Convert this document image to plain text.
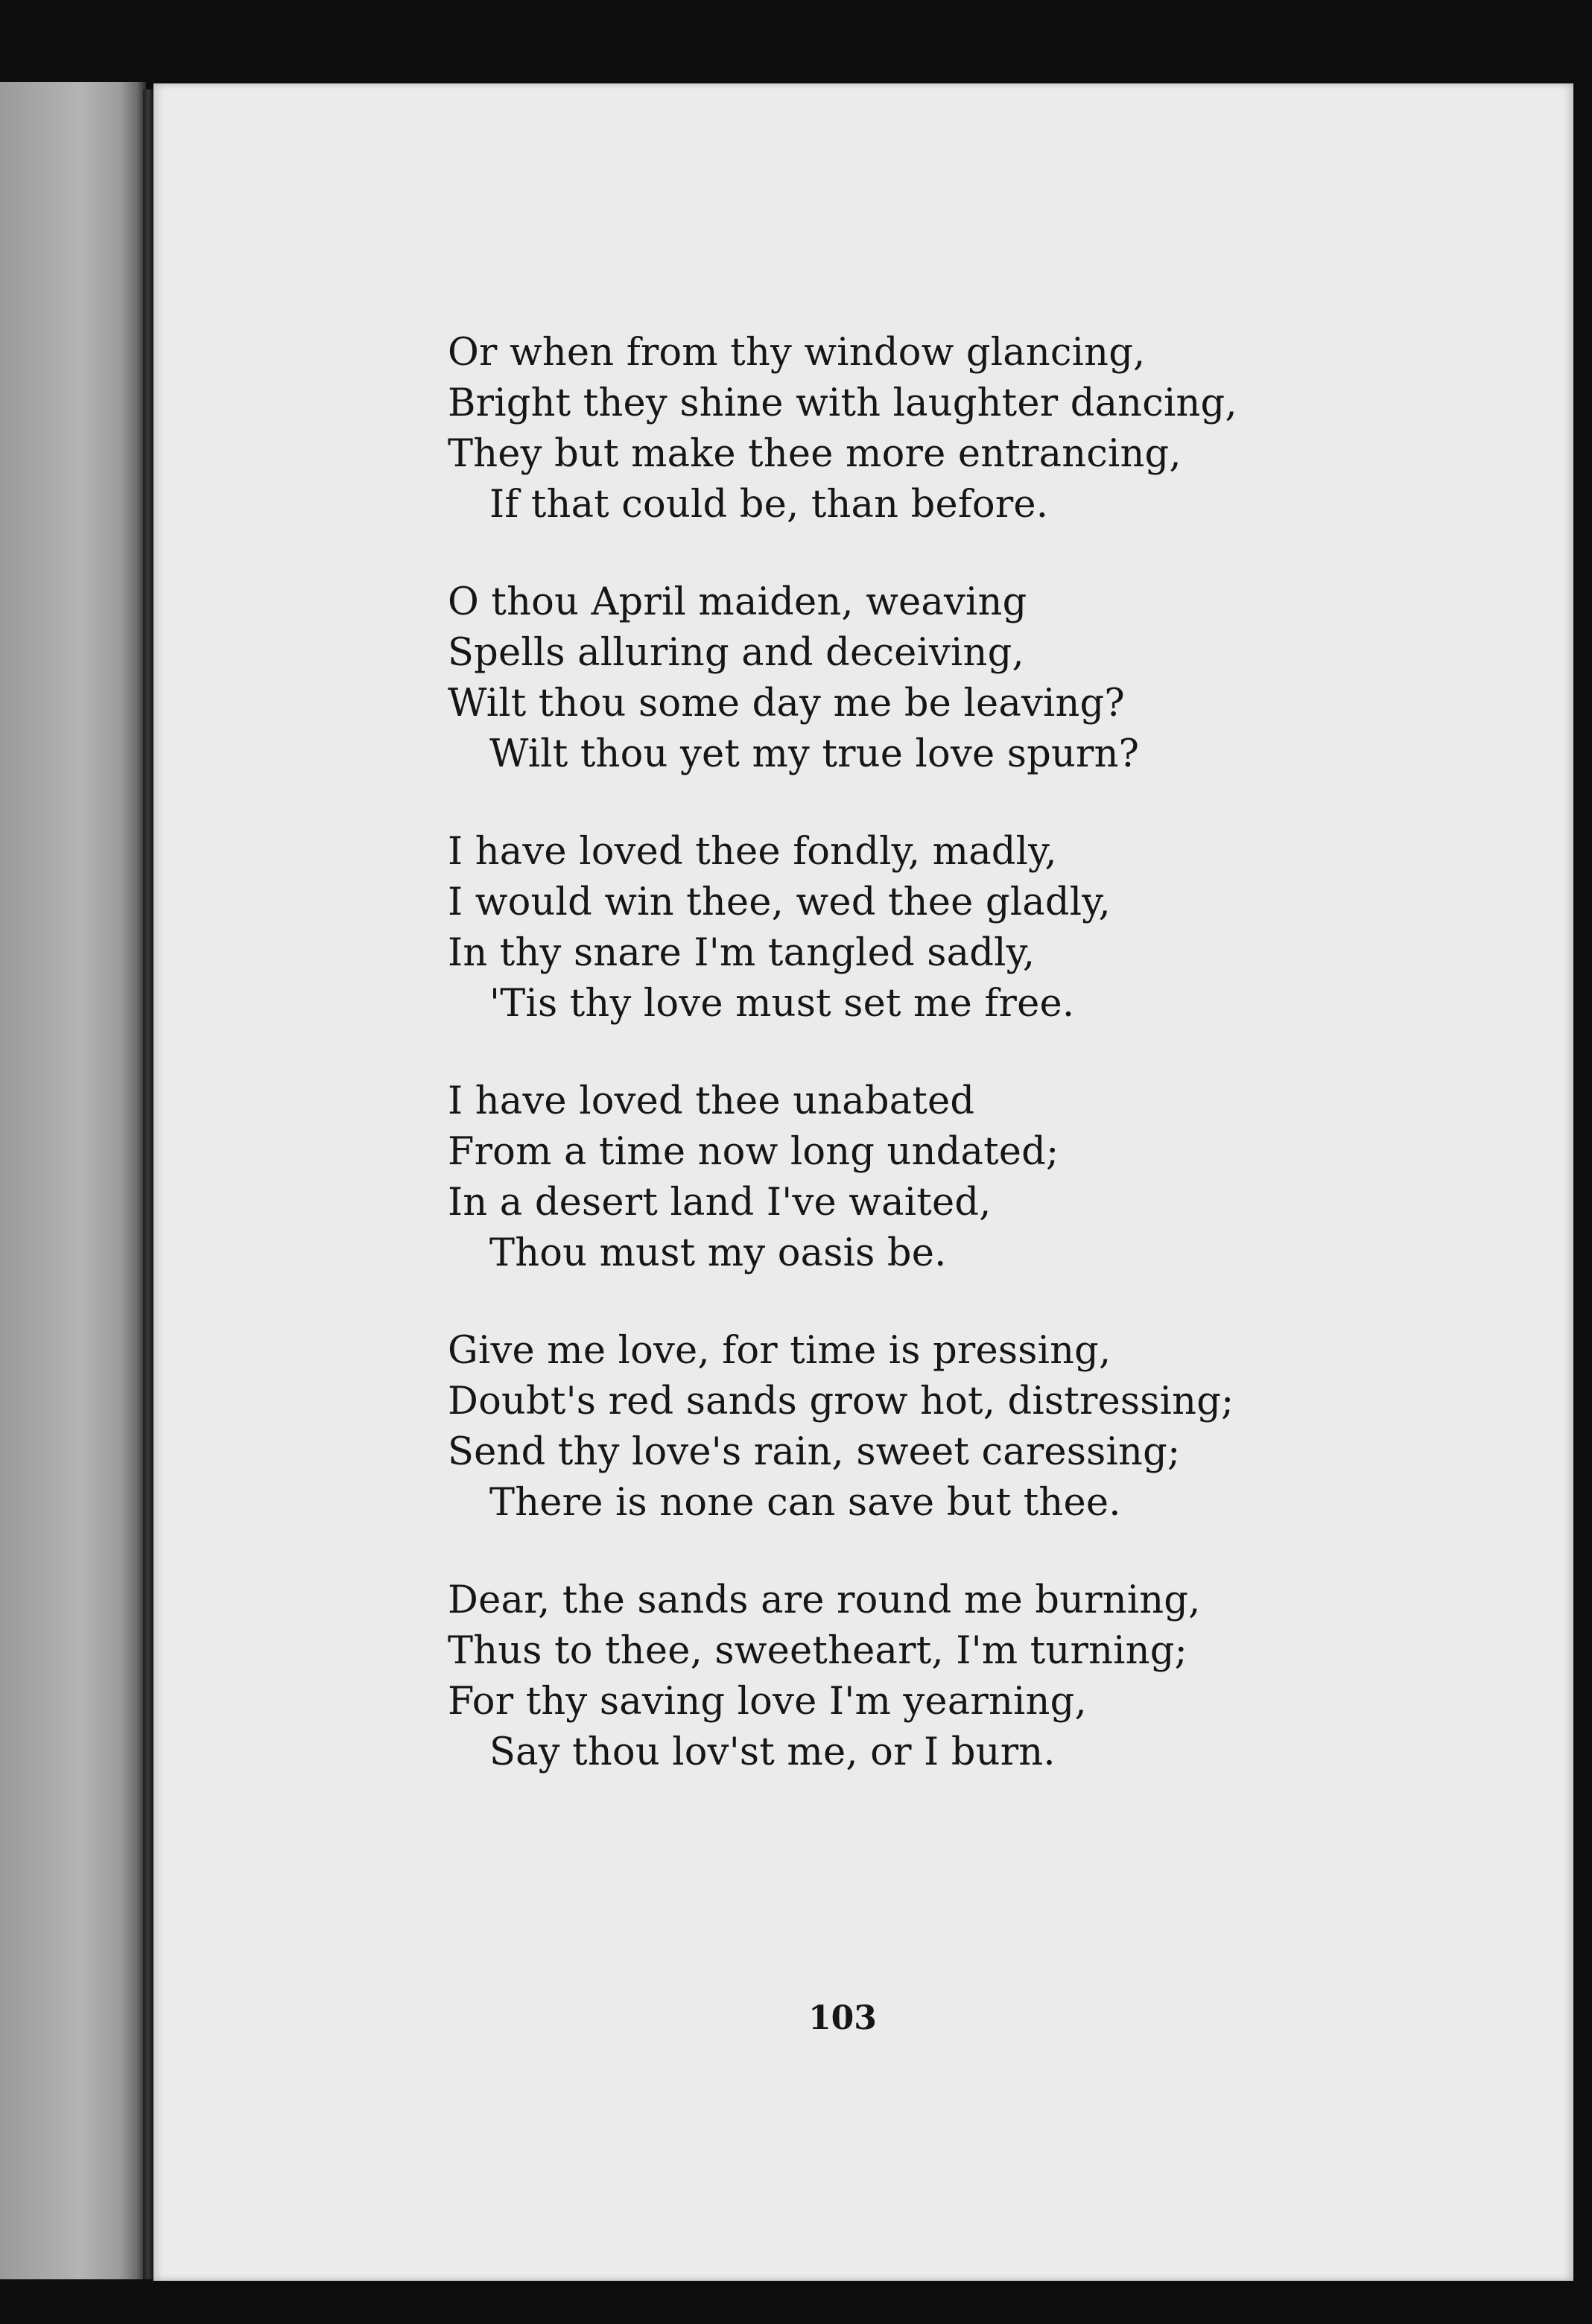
Or when from thy window glancing,
Bright they shine with laughter dancing,
They but make thee more entrancing,
If that could be, than before.
O thou April maiden, weaving
Spells alluring and deceiving,
Wilt thou some day me be leaving?
Wilt thou yet my true love spurn?
I have loved thee fondly, madly,
I would win thee, wed thee gladly,
In thy snare I'm tangled sadly,
'Tis thy love must set me free.
I have loved thee unabated
From a time now long undated;
In a desert land I've waited,
Thou must my oasis be.
Give me love, for time is pressing,
Doubt's red sands grow hot, distressing;
Send thy love's rain, sweet caressing;
There is none can save but thee.
Dear, the sands are round me burning,
Thus to thee, sweetheart, I'm turning;
For thy saving love I'm yearning,
Say thou lov'st me, or I burn.
103
